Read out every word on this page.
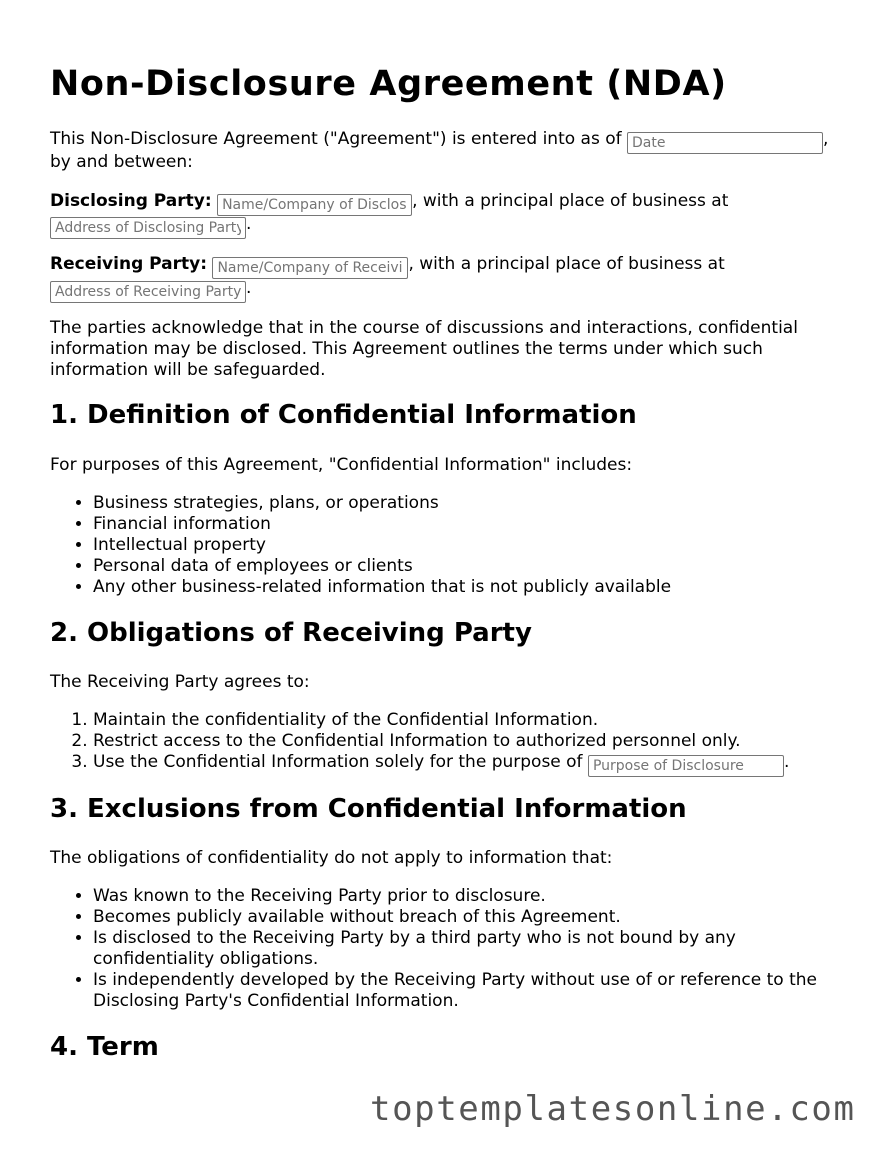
Non-Disclosure Agreement (NDA)

This Non-Disclosure Agreement ("Agreement") is entered into as of Date	,

by and between:

Disclosing Party: Name/Company of Disclosing Party	, with a principal place of business at

Address of Disclosing Party.

Receiving Party: Name/Company of Receiving Party	, with a principal place of business at

Address of Receiving Party.

The parties acknowledge that in the course of discussions and interactions, confidential

information may be disclosed. This Agreement outlines the terms under which such

information will be safeguarded.

1. Definition of Confidential Information

For purposes of this Agreement, "Confidential Information" includes:

• Business strategies, plans, or operations
• Financial information
• Intellectual property
• Personal data of employees or clients
• Any other business-related information that is not publicly available
2. Obligations of Receiving Party

The Receiving Party agrees to:

1. Maintain the confidentiality of the Confidential Information.
2. Restrict access to the Confidential Information to authorized personnel only.
3. Use the Confidential Information solely for the purpose of Purpose of Disclosure	.
3. Exclusions from Confidential Information

The obligations of confidentiality do not apply to information that:

• Was known to the Receiving Party prior to disclosure.
• Becomes publicly available without breach of this Agreement.
• Is disclosed to the Receiving Party by a third party who is not bound by any confidentiality obligations.
• Is independently developed by the Receiving Party without use of or reference to the Disclosing Party's Confidential Information.
4. Term
toptemplatesonline.com
